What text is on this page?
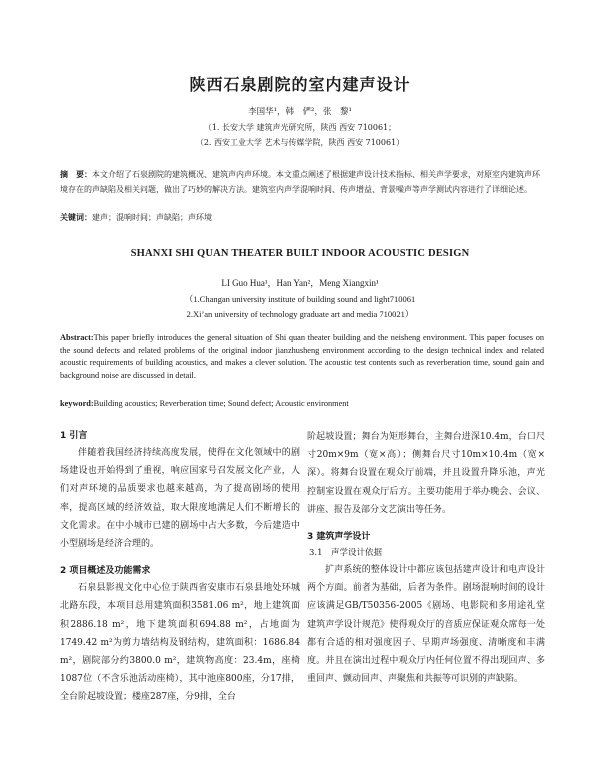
陕西石泉剧院的室内建声设计
李国华¹，韩　俨²，张　黎¹
（1. 长安大学 建筑声光研究所，陕西 西安 710061；
（2. 西安工业大学 艺术与传媒学院，陕西 西安 710061）
摘　要：本文介绍了石泉剧院的建筑概况、建筑声内声环境。本文重点阐述了根据建声设计技术指标、相关声学要求，对原室内建筑声环境存在的声缺陷及相关问题，做出了巧妙的解决方法。建筑室内声学混响时间、传声增益、背景噪声等声学测试内容进行了详细论述。
关键词：建声；混响时间；声缺陷；声环境
SHANXI SHI QUAN THEATER BUILT INDOOR ACOUSTIC DESIGN
LI Guo Hua¹，Han Yan²，Meng Xiangxin¹
（1.Changan university institute of building sound and light710061
2.Xi’an university of technology graduate art and media 710021）
Abstract:This paper briefly introduces the general situation of Shi quan theater building and the neisheng environment. This paper focuses on the sound defects and related problems of the original indoor jianzhusheng environment according to the design technical index and related acoustic requirements of building acoustics, and makes a clever solution. The acoustic test contents such as reverberation time, sound gain and background noise are discussed in detail.
keyword:Building acoustics; Reverberation time; Sound defect; Acoustic environment
1 引言

伴随着我国经济持续高度发展，使得在文化领域中的剧场建设也开始得到了重视，响应国家号召发展文化产业，人们对声环境的品质要求也越来越高，为了提高剧场的使用率，提高区域的经济效益，取大限度地满足人们不断增长的文化需求。在中小城市已建的剧场中占大多数，今后建造中小型剧场是经济合理的。

2 项目概述及功能需求

石泉县影视文化中心位于陕西省安康市石泉县地处环城北路东段，本项目总用建筑面积3581.06 m²，地上建筑面积2886.18 m²，地下建筑面积694.88 m²，占地面为1749.42 m²为剪力墙结构及钢结构，建筑面积：1686.84 m²，剧院部分约3800.0 m²，建筑物高度：23.4m，座椅1087位（不含乐池活动座椅），其中池座800座，分17排，全台阶起坡设置；楼座287座，分9排，全台

阶起坡设置；舞台为矩形舞台，主舞台进深10.4m，台口尺寸20m×9m（宽×高）；侧舞台尺寸10m×10.4m（宽×深）。将舞台设置在观众厅前端，并且设置升降乐池，声光控制室设置在观众厅后方。主要功能用于举办晚会、会议、讲座、报告及部分文艺演出等任务。

3 建筑声学设计
3.1　声学设计依据

扩声系统的整体设计中都应该包括建声设计和电声设计两个方面。前者为基础，后者为条件。剧场混响时间的设计应该满足GB/T50356-2005《剧场、电影院和多用途礼堂建筑声学设计规范》使得观众厅的音质应保证观众席每一处都有合适的相对强度因子、早期声场强度、清晰度和丰满度。并且在演出过程中观众厅内任何位置不得出现回声、多重回声、颤动回声、声聚焦和共振等可识别的声缺陷。
